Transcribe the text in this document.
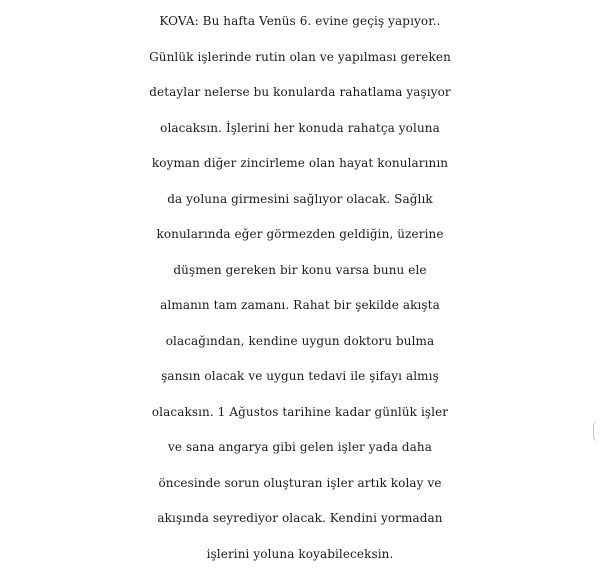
KOVA: Bu hafta Venüs 6. evine geçiş yapıyor..
Günlük işlerinde rutin olan ve yapılması gereken
detaylar nelerse bu konularda rahatlama yaşıyor
olacaksın. İşlerini her konuda rahatça yoluna
koyman diğer zincirleme olan hayat konularının
da yoluna girmesini sağlıyor olacak. Sağlık
konularında eğer görmezden geldiğin, üzerine
düşmen gereken bir konu varsa bunu ele
almanın tam zamanı. Rahat bir şekilde akışta
olacağından, kendine uygun doktoru bulma
şansın olacak ve uygun tedavi ile şifayı almış
olacaksın. 1 Ağustos tarihine kadar günlük işler
ve sana angarya gibi gelen işler yada daha
öncesinde sorun oluşturan işler artık kolay ve
akışında seyrediyor olacak. Kendini yormadan
işlerini yoluna koyabileceksin.
